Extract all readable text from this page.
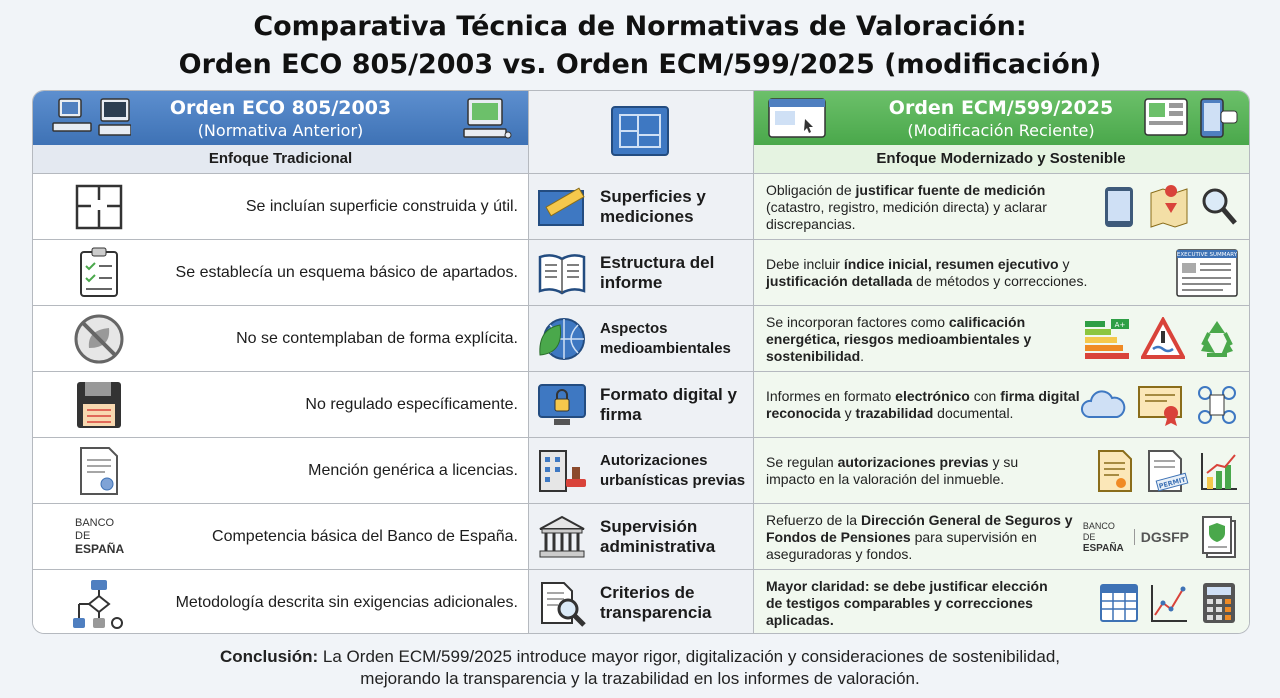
Comparativa Técnica de Normativas de Valoración:
Orden ECO 805/2003 vs. Orden ECM/599/2025 (modificación)
Orden ECO 805/2003
(Normativa Anterior)
Orden ECM/599/2025
(Modificación Reciente)
Enfoque Tradicional	Enfoque Modernizado y Sostenible
Se incluían superficie construida y útil.
Superficies y mediciones
Obligación de justificar fuente de medición (catastro, registro, medición directa) y aclarar discrepancias.
Se establecía un esquema básico de apartados.
Estructura del informe
Debe incluir índice inicial, resumen ejecutivo y justificación detallada de métodos y correcciones.
EXECUTIVE SUMMARY
No se contemplaban de forma explícita.
Aspectos medioambientales
Se incorporan factores como calificación energética, riesgos medioambientales y sostenibilidad.
A+
No regulado específicamente.
Formato digital y firma
Informes en formato electrónico con firma digital reconocida y trazabilidad documental.
Mención genérica a licencias.
Autorizaciones urbanísticas previas
Se regulan autorizaciones previas y su impacto en la valoración del inmueble.	PERMIT
BANCO
DE
ESPAÑA
Competencia básica del Banco de España.
Supervisión administrativa
Refuerzo de la Dirección General de Seguros y Fondos de Pensiones para supervisión en aseguradoras y fondos.
BANCO
DE
ESPAÑA
DGSFP
Metodología descrita sin exigencias adicionales.
Criterios de transparencia
Mayor claridad: se debe justificar elección de testigos comparables y correcciones aplicadas.
Conclusión: La Orden ECM/599/2025 introduce mayor rigor, digitalización y consideraciones de sostenibilidad,
mejorando la transparencia y la trazabilidad en los informes de valoración.
